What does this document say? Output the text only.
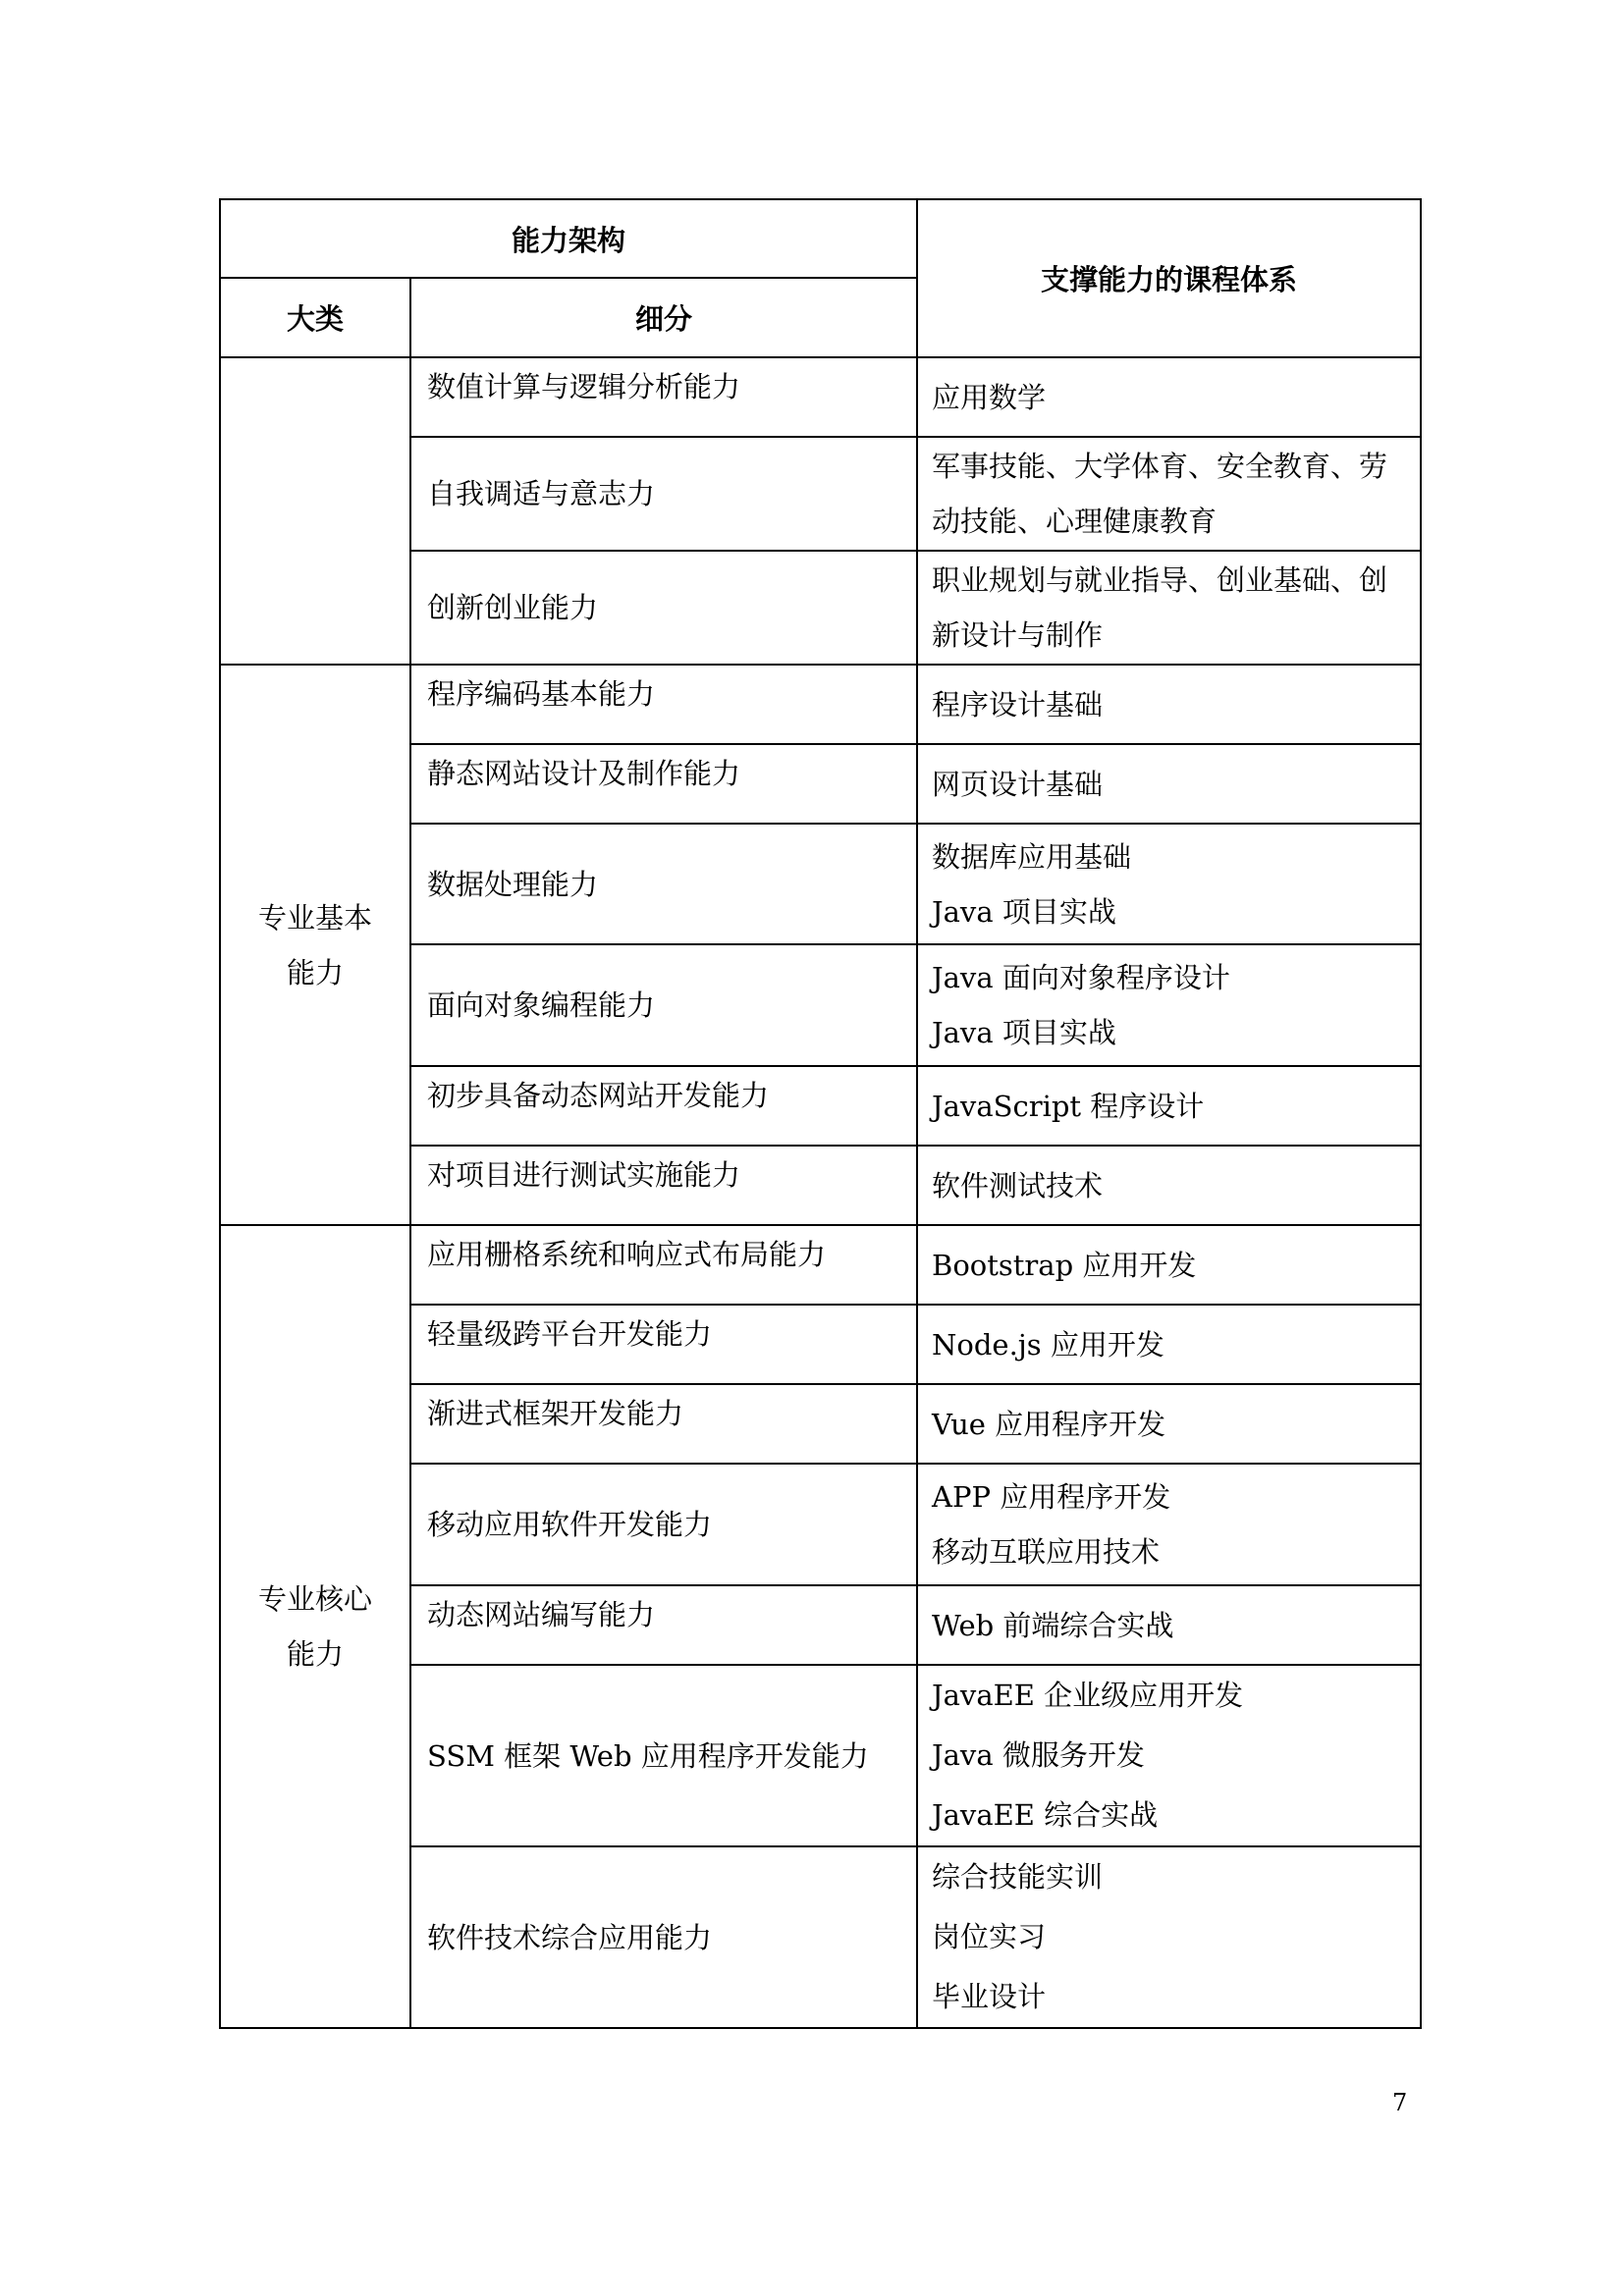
能力架构		支撑能力的课程体系
大类	细分	
	数值计算与逻辑分析能力	应用数学

	自我调适与意志力	军事技能、大学体育、安全教育、劳动技能、心理健康教育

	创新创业能力	职业规划与就业指导、创业基础、创新设计与制作

专业基本能力	程序编码基本能力	程序设计基础

	静态网站设计及制作能力	网页设计基础

	数据处理能力	数据库应用基础
Java 项目实战

	面向对象编程能力	Java 面向对象程序设计
Java 项目实战

	初步具备动态网站开发能力	JavaScript 程序设计

	对项目进行测试实施能力	软件测试技术

专业核心能力	应用栅格系统和响应式布局能力	Bootstrap 应用开发

	轻量级跨平台开发能力	Node.js 应用开发

	渐进式框架开发能力	Vue 应用程序开发

	移动应用软件开发能力	APP 应用程序开发
移动互联应用技术

	动态网站编写能力	Web 前端综合实战

	SSM 框架 Web 应用程序开发能力	JavaEE 企业级应用开发
Java 微服务开发
JavaEE 综合实战

	软件技术综合应用能力	综合技能实训
岗位实习
毕业设计
7
